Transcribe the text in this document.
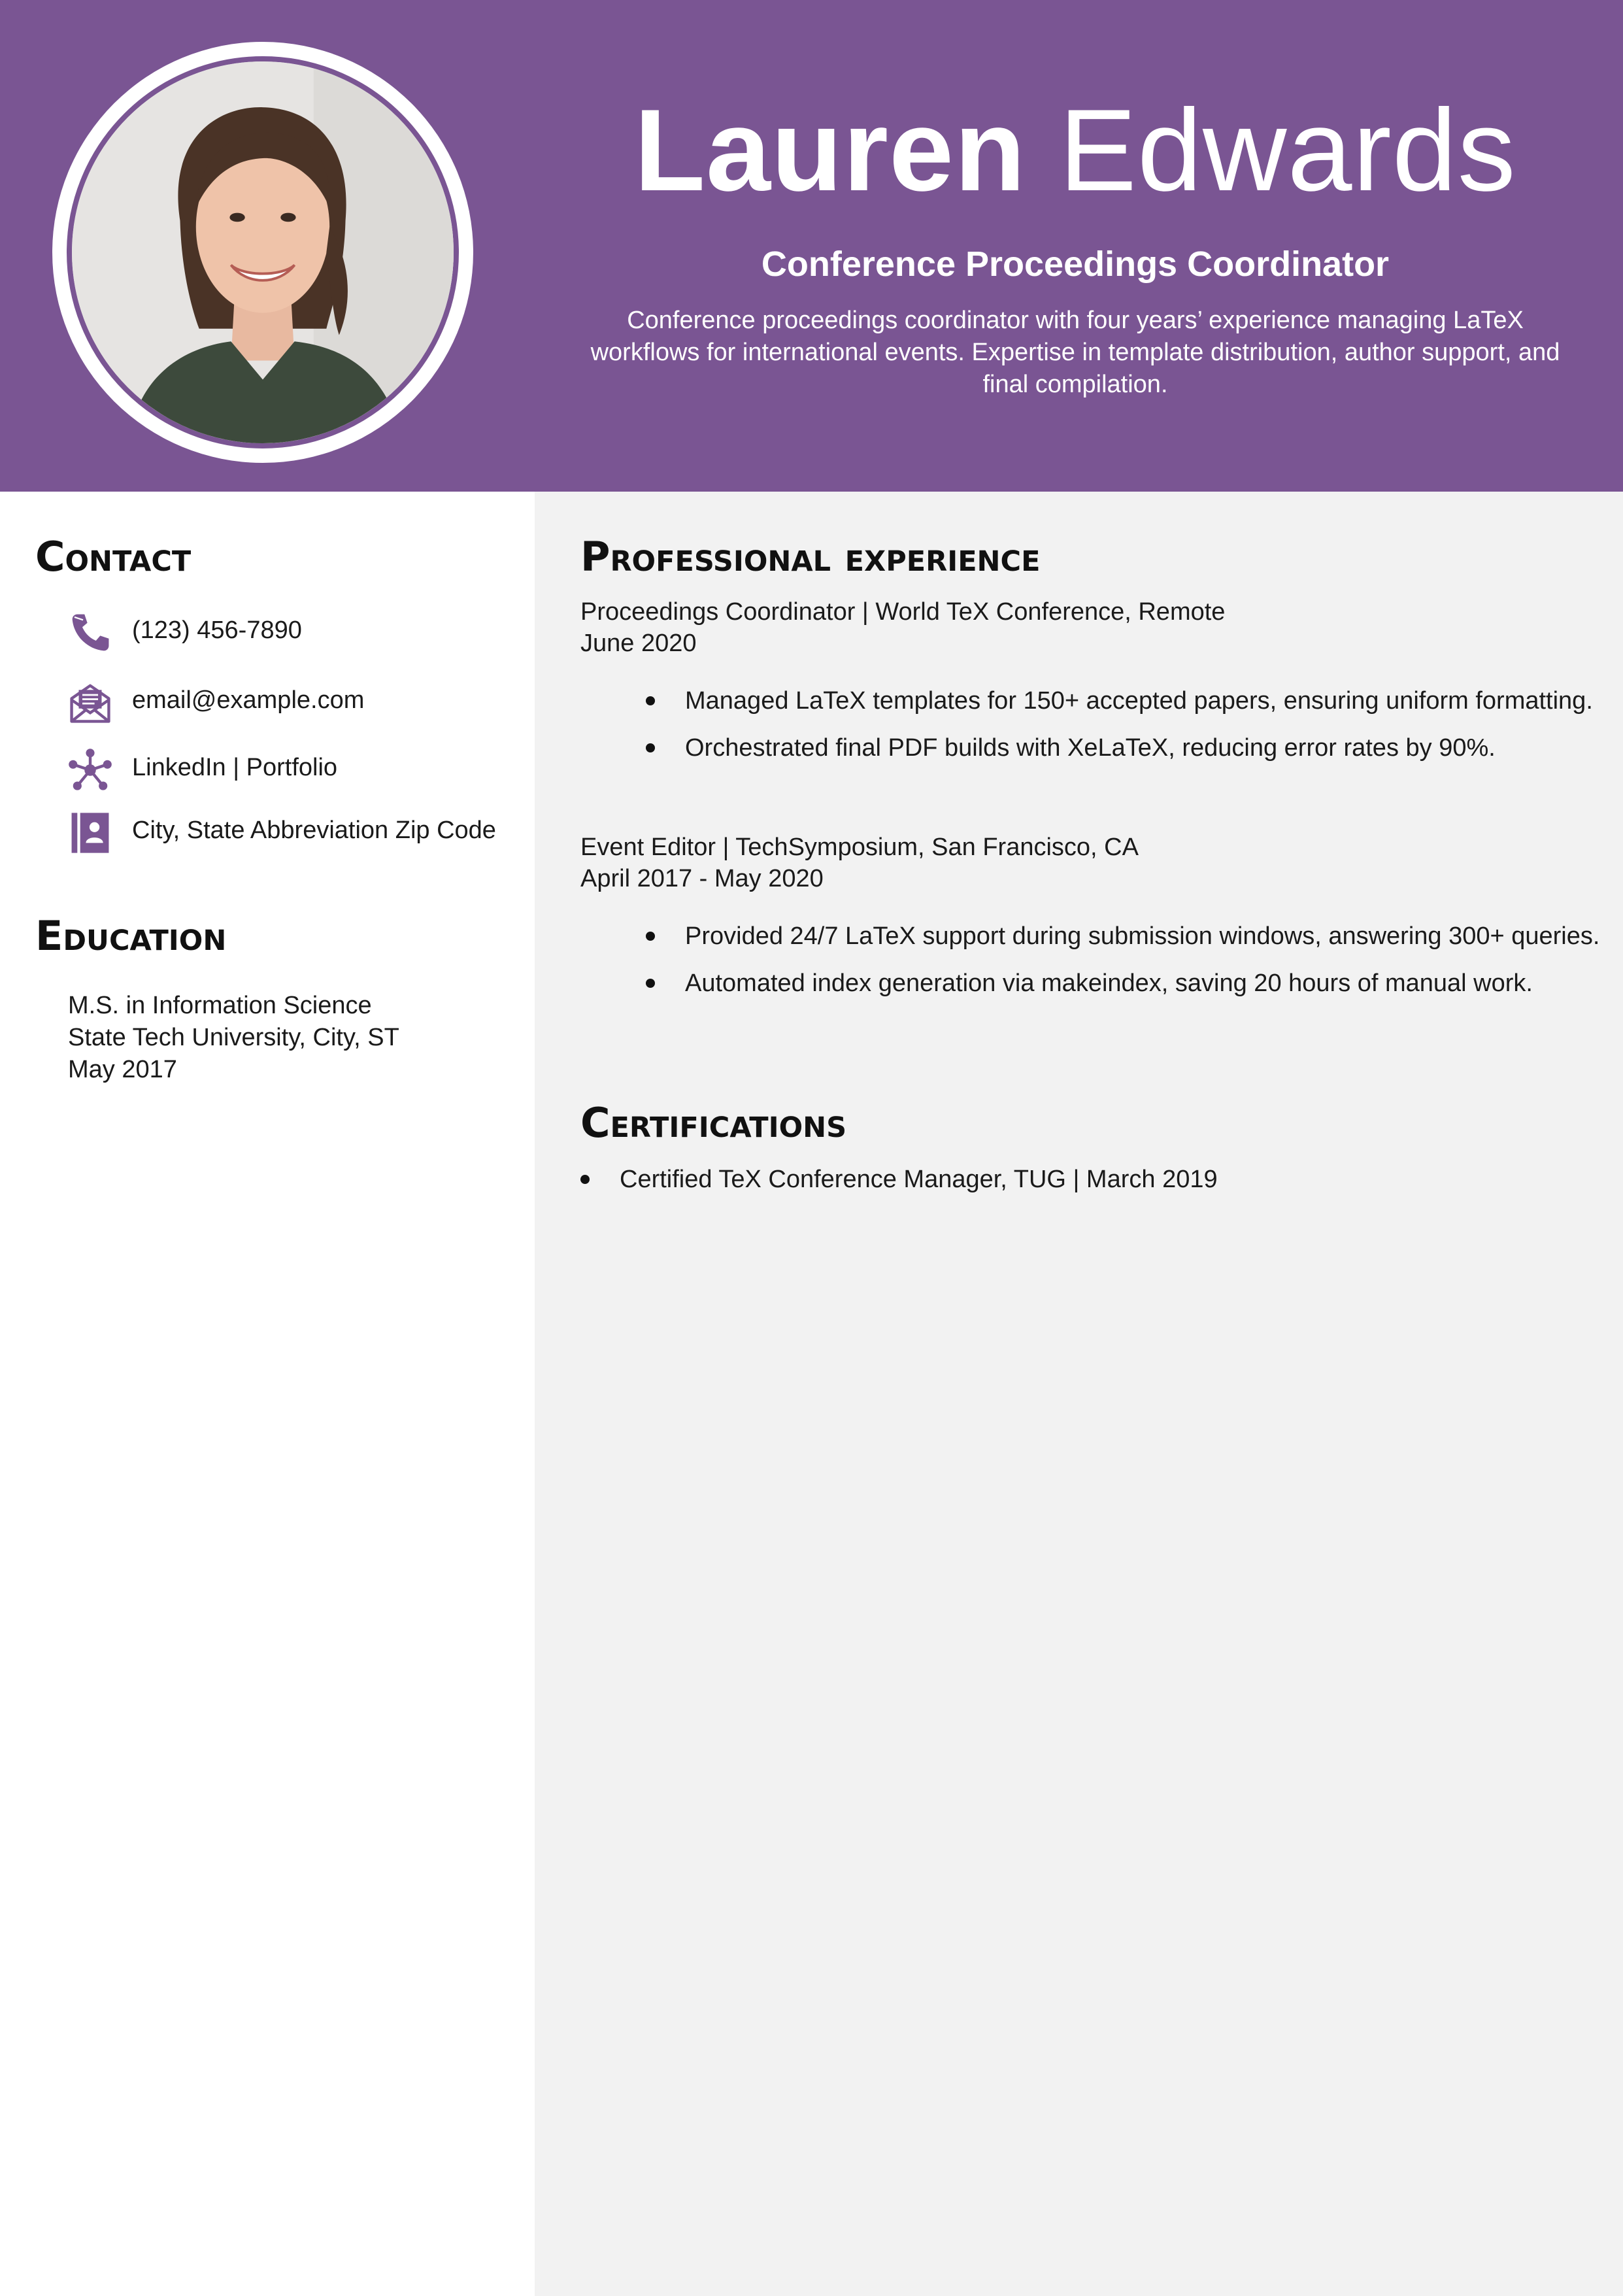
Lauren Edwards
Conference Proceedings Coordinator
Conference proceedings coordinator with four years’ experience managing LaTeX workflows for international events. Expertise in template distribution, author support, and final compilation.
Contact
(123) 456-7890
email@example.com
LinkedIn | Portfolio
City, State Abbreviation Zip Code
Education
M.S. in Information Science
State Tech University, City, ST
May 2017
Professional experience
Proceedings Coordinator | World TeX Conference, Remote
June 2020
Managed LaTeX templates for 150+ accepted papers, ensuring uniform formatting.
Orchestrated final PDF builds with XeLaTeX, reducing error rates by 90%.
Event Editor | TechSymposium, San Francisco, CA
April 2017 - May 2020
Provided 24/7 LaTeX support during submission windows, answering 300+ queries.
Automated index generation via makeindex, saving 20 hours of manual work.
Certifications
Certified TeX Conference Manager, TUG | March 2019
